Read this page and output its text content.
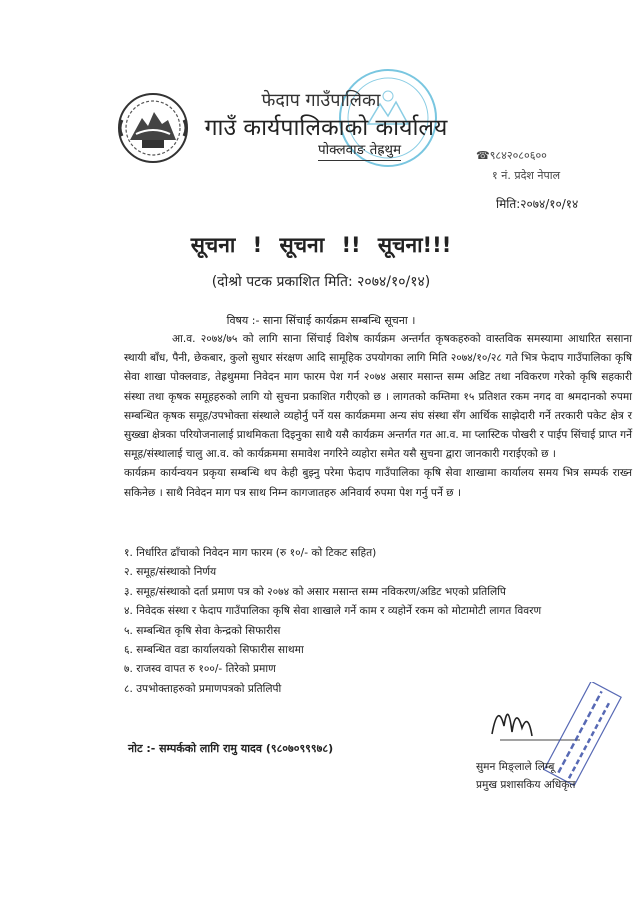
फेदाप गाउँपालिका
गाउँ कार्यपालिकाको कार्यालय
पोक्लवाङ तेह्रथुम	☎९८४२०८०६००
१ नं. प्रदेश नेपाल
मिति:२०७४/१०/१४
सूचना ! सूचना !! सूचना!!!
(दोश्रो पटक प्रकाशित मिति: २०७४/१०/१४)
विषय :- साना सिंचाई कार्यक्रम सम्बन्धि सूचना ।

आ.व. २०७४/७५ को लागि साना सिंचाई विशेष कार्यक्रम अन्तर्गत कृषकहरुको वास्तविक समस्यामा आधारित ससाना स्थायी बाँध, पैनी, छेकबार, कुलो सुधार संरक्षण आदि सामूहिक उपयोगका लागि मिति २०७४/१०/२८ गते भित्र फेदाप गाउँपालिका कृषि सेवा शाखा पोक्लवाङ, तेह्रथुममा निवेदन माग फारम पेश गर्न २०७४ असार मसान्त सम्म अडिट तथा नविकरण गरेको कृषि सहकारी संस्था तथा कृषक समूहहरुको लागि यो सुचना प्रकाशित गरीएको छ । लागतको कम्तिमा १५ प्रतिशत रकम नगद वा श्रमदानको रुपमा सम्बन्धित कृषक समूह/उपभोक्ता संस्थाले व्यहोर्नु पर्ने यस कार्यक्रममा अन्य संघ संस्था सँग आर्थिक साझेदारी गर्ने तरकारी पकेट क्षेत्र र सुख्खा क्षेत्रका परियोजनालाई प्राथमिकता दिइनुका साथै यसै कार्यक्रम अन्तर्गत गत आ.व. मा प्लास्टिक पोखरी र पाईप सिंचाई प्राप्त गर्ने समूह/संस्थालाई चालु आ.व. को कार्यक्रममा समावेश नगरिने व्यहोरा समेत यसै सुचना द्वारा जानकारी गराईएको छ ।

कार्यक्रम कार्यन्वयन प्रकृया सम्बन्धि थप केही बुझ्नु परेमा फेदाप गाउँपालिका कृषि सेवा शाखामा कार्यालय समय भित्र सम्पर्क राख्न सकिनेछ । साथै निवेदन माग पत्र साथ निम्न कागजातहरु अनिवार्य रुपमा पेश गर्नु पर्ने छ ।

१. निर्धारित ढाँचाको निवेदन माग फारम (रु १०/- को टिकट सहित)
२. समूह/संस्थाको निर्णय
३. समूह/संस्थाको दर्ता प्रमाण पत्र को २०७४ को असार मसान्त सम्म नविकरण/अडिट भएको प्रतिलिपि
४. निवेदक संस्था र फेदाप गाउँपालिका कृषि सेवा शाखाले गर्ने काम र व्यहोर्ने रकम को मोटामोटी लागत विवरण
५. सम्बन्धित कृषि सेवा केन्द्रको सिफारीस
६. सम्बन्धित वडा कार्यालयको सिफारीस साथमा
७. राजस्व वापत रु १००/- तिरेको प्रमाण
८. उपभोक्ताहरुको प्रमाणपत्रको प्रतिलिपी
नोट :- सम्पर्कको लागि रामु यादव (९८०७०९९९७८)
सुमन मिङ्लाले लिम्बू
प्रमुख प्रशासकिय अधिकृत
